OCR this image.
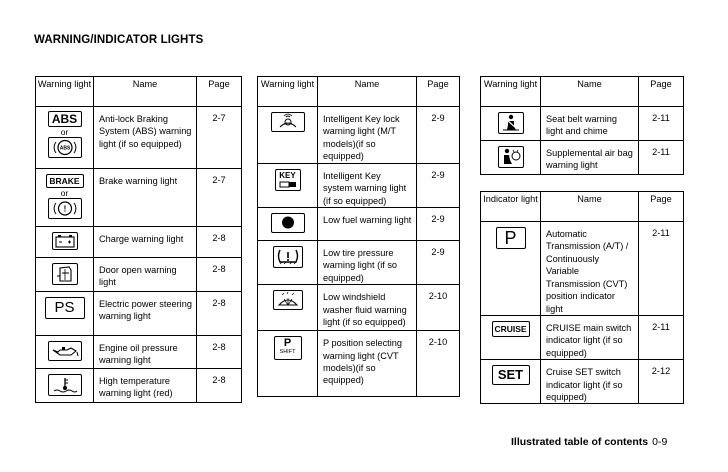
WARNING/INDICATOR LIGHTS
Warning light	Name	Page
ABS
or
ABS	Anti-lock Braking System (ABS) warning light (if so equipped)	2-7
BRAKE
or
!	Brake warning light	2-7

	Charge warning light	2-8

	Door open warning light	2-8
PS	Electric power steering warning light	2-8

	Engine oil pressure warning light	2-8

	High temperature warning light (red)	2-8
Warning light	Name	Page

	Intelligent Key lock warning light (M/T models)(if so equipped)	2-9

KEY	Intelligent Key system warning light (if so equipped)	2-9

	Low fuel warning light	2-9

	Low tire pressure warning light (if so equipped)	2-9

	Low windshield washer fluid warning light (if so equipped)	2-10

P
SHIFT	P position selecting warning light (CVT models)(if so equipped)	2-10
Warning light	Name	Page

	Seat belt warning light and chime	2-11

	Supplemental air bag warning light	2-11
Indicator light	Name	Page
P	Automatic Transmission (A/T) / Continuously Variable Transmission (CVT) position indicator light	2-11
CRUISE	CRUISE main switch indicator light (if so equipped)	2-11
SET	Cruise SET switch indicator light (if so equipped)	2-12
Illustrated table of contents 0-9
